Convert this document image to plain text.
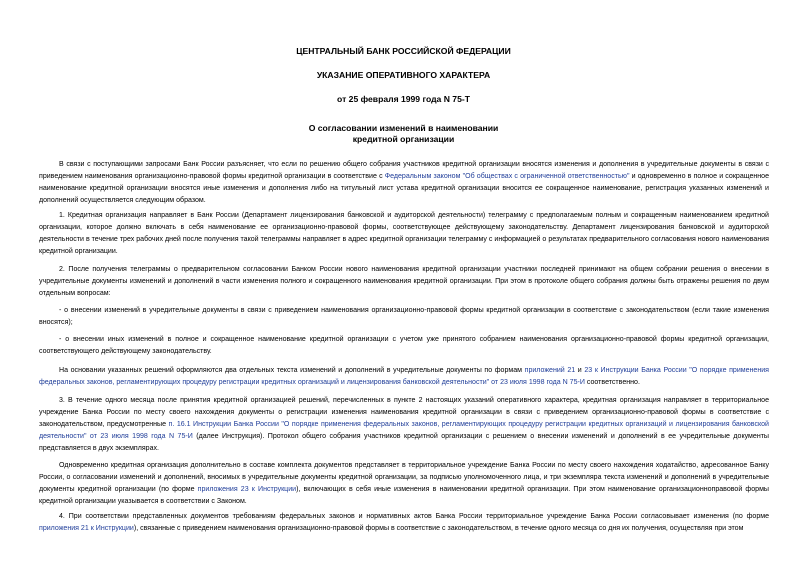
ЦЕНТРАЛЬНЫЙ БАНК РОССИЙСКОЙ ФЕДЕРАЦИИ

УКАЗАНИЕ ОПЕРАТИВНОГО ХАРАКТЕРА

от 25 февраля 1999 года N 75-Т

О согласовании изменений в наименовании

кредитной организации

В связи с поступающими запросами Банк России разъясняет, что если по решению общего собрания участников кредитной организации вносятся изменения и дополнения в учредительные документы в связи с приведением наименования организационно-правовой формы кредитной организации в соответствие с Федеральным законом "Об обществах с ограниченной ответственностью" и одновременно в полное и сокращенное наименование кредитной организации вносятся иные изменения и дополнения либо на титульный лист устава кредитной организации вносится ее сокращенное наименование, регистрация указанных изменений и дополнений осуществляется следующим образом.

1. Кредитная организация направляет в Банк России (Департамент лицензирования банковской и аудиторской деятельности) телеграмму с предполагаемым полным и сокращенным наименованием кредитной организации, которое должно включать в себя наименование ее организационно-правовой формы, соответствующее действующему законодательству. Департамент лицензирования банковской и аудиторской деятельности в течение трех рабочих дней после получения такой телеграммы направляет в адрес кредитной организации телеграмму с информацией о результатах предварительного согласования нового наименования кредитной организации.

2. После получения телеграммы о предварительном согласовании Банком России нового наименования кредитной организации участники последней принимают на общем собрании решения о внесении в учредительные документы изменений и дополнений в части изменения полного и сокращенного наименования кредитной организации. При этом в протоколе общего собрания должны быть отражены решения по двум отдельным вопросам:

- о внесении изменений в учредительные документы в связи с приведением наименования организационно-правовой формы кредитной организации в соответствие с законодательством (если такие изменения вносятся);

- о внесении иных изменений в полное и сокращенное наименование кредитной организации с учетом уже принятого собранием наименования организационно-правовой формы кредитной организации, соответствующего действующему законодательству.

На основании указанных решений оформляются два отдельных текста изменений и дополнений в учредительные документы по формам приложений 21 и 23 к Инструкции Банка России "О порядке применения федеральных законов, регламентирующих процедуру регистрации кредитных организаций и лицензирования банковской деятельности" от 23 июля 1998 года N 75-И соответственно.

3. В течение одного месяца после принятия кредитной организацией решений, перечисленных в пункте 2 настоящих указаний оперативного характера, кредитная организация направляет в территориальное учреждение Банка России по месту своего нахождения документы о регистрации изменения наименования кредитной организации в связи с приведением организационно-правовой формы в соответствие с законодательством, предусмотренные п. 16.1 Инструкции Банка России "О порядке применения федеральных законов, регламентирующих процедуру регистрации кредитных организаций и лицензирования банковской деятельности" от 23 июля 1998 года N 75-И (далее Инструкция). Протокол общего собрания участников кредитной организации с решением о внесении изменений и дополнений в ее учредительные документы представляется в двух экземплярах.

Одновременно кредитная организация дополнительно в составе комплекта документов представляет в территориальное учреждение Банка России по месту своего нахождения ходатайство, адресованное Банку России, о согласовании изменений и дополнений, вносимых в учредительные документы кредитной организации, за подписью уполномоченного лица, и три экземпляра текста изменений и дополнений в учредительные документы кредитной организации (по форме приложения 23 к Инструкции), включающих в себя иные изменения в наименовании кредитной организации. При этом наименование организационноправовой формы кредитной организации указывается в соответствии с Законом.

4. При соответствии представленных документов требованиям федеральных законов и нормативных актов Банка России территориальное учреждение Банка России согласовывает изменения (по форме приложения 21 к Инструкции), связанные с приведением наименования организационно-правовой формы в соответствие с законодательством, в течение одного месяца со дня их получения, осуществляя при этом
